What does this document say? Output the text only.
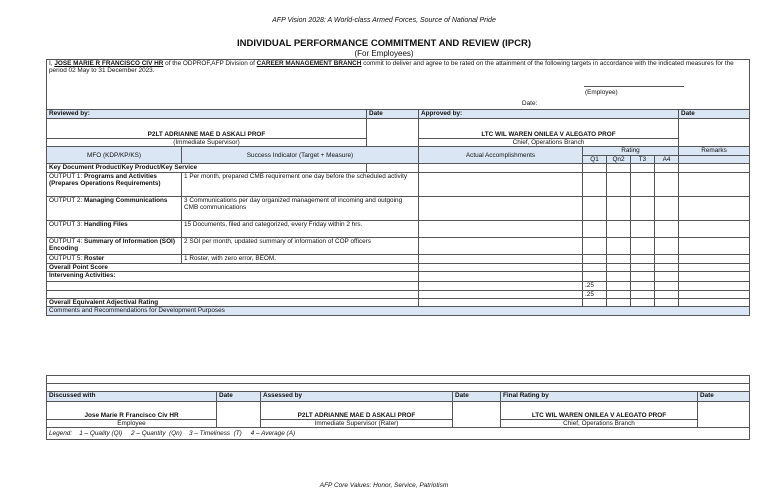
AFP Vision 2028: A World-class Armed Forces, Source of National Pride
INDIVIDUAL PERFORMANCE COMMITMENT AND REVIEW (IPCR)
(For Employees)
I, JOSE MARIE R FRANCISCO CIV HR of the ODPROF,AFP Division of CAREER MANAGEMENT BRANCH commit to deliver and agree to be rated on the attainment of the following targets in accordance with the indicated measures for the period 02 May to 31 December 2023.
(Employee)
Date:								

Reviewed by:		Date	Approved by:					Date
P2LT ADRIANNE MAE D ASKALI PROF			LTC WIL WAREN ONILEA V ALEGATO PROF					
(Immediate Supervisor)			Chief, Operations Branch					
MFO (KDP/KP/KS)	Success Indicator (Target + Measure)		Actual Accomplishments	Rating				Remarks
				Q1	Qn2	T3	A4	
Key Document Product/Key Product/Key Service								
OUTPUT 1: Programs and Activities (Prepares Operations Requirements)	1 Per month, prepared CMB requirement one day before the scheduled activity							
OUTPUT 2: Managing Communications	3 Communications per day organized management of incoming and outgoing CMB communications							
OUTPUT 3: Handling Files	15 Documents, filed and categorized, every Friday within 2 hrs.							
OUTPUT 4: Summary of Information (SOI) Encoding	2 SOI per month, updated summary of information of COP officers							
OUTPUT 5: Roster	1 Roster, with zero error, BEOM.							
Overall Point Score								
Intervening Activities:								
				.25				
				.25				
Overall Equivalent Adjectival Rating								
Comments and Recommendations for Development Purposes								

Discussed with	Date	Assessed by	Date	Final Rating by	Date
Jose Marie R Francisco Civ HR		P2LT ADRIANNE MAE D ASKALI PROF		LTC WIL WAREN ONILEA V ALEGATO PROF	
Employee		Immediate Supervisor (Rater)		Chief, Operations Branch	
Legend:    1 – Quality (Ql)     2 – Quantity  (Qn)    3 – Timeliness  (T)     4 – Average (A)					
AFP Core Values: Honor, Service, Patriotism
